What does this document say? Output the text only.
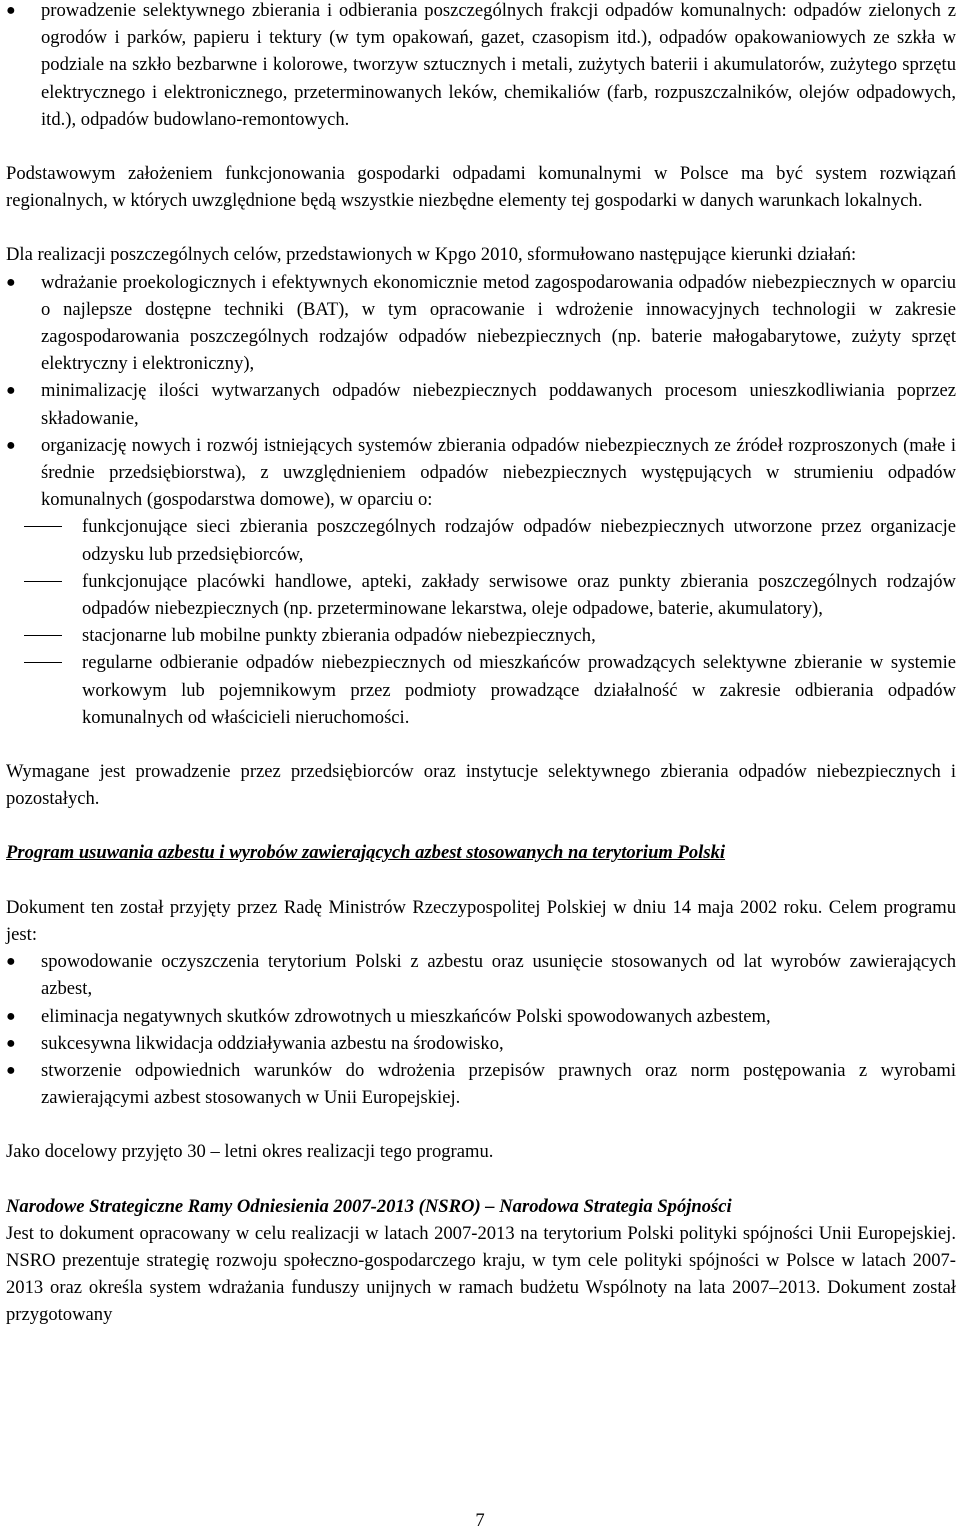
●	prowadzenie selektywnego zbierania i odbierania poszczególnych frakcji odpadów komunalnych: odpadów zielonych z ogrodów i parków, papieru i tektury (w tym opakowań, gazet, czasopism itd.), odpadów opakowaniowych ze szkła w podziale na szkło bezbarwne i kolorowe, tworzyw sztucznych i metali, zużytych baterii i akumulatorów, zużytego sprzętu elektrycznego i elektronicznego, przeterminowanych leków, chemikaliów (farb, rozpuszczalników, olejów odpadowych, itd.), odpadów budowlano-remontowych.

Podstawowym założeniem funkcjonowania gospodarki odpadami komunalnymi w Polsce ma być system rozwiązań regionalnych, w których uwzględnione będą wszystkie niezbędne elementy tej gospodarki w danych warunkach lokalnych.

Dla realizacji poszczególnych celów, przedstawionych w Kpgo 2010, sformułowano następujące kierunki działań:

●	wdrażanie proekologicznych i efektywnych ekonomicznie metod zagospodarowania odpadów niebezpiecznych w oparciu o najlepsze dostępne techniki (BAT), w tym opracowanie i wdrożenie innowacyjnych technologii w zakresie zagospodarowania poszczególnych rodzajów odpadów niebezpiecznych (np. baterie małogabarytowe, zużyty sprzęt elektryczny i elektroniczny),
●	minimalizację ilości wytwarzanych odpadów niebezpiecznych poddawanych procesom unieszkodliwiania poprzez składowanie,
●	organizację nowych i rozwój istniejących systemów zbierania odpadów niebezpiecznych ze źródeł rozproszonych (małe i średnie przedsiębiorstwa), z uwzględnieniem odpadów niebezpiecznych występujących w strumieniu odpadów komunalnych (gospodarstwa domowe), w oparciu o:
funkcjonujące sieci zbierania poszczególnych rodzajów odpadów niebezpiecznych utworzone przez organizacje odzysku lub przedsiębiorców,
funkcjonujące placówki handlowe, apteki, zakłady serwisowe oraz punkty zbierania poszczególnych rodzajów odpadów niebezpiecznych (np. przeterminowane lekarstwa, oleje odpadowe, baterie, akumulatory),
stacjonarne lub mobilne punkty zbierania odpadów niebezpiecznych,
regularne odbieranie odpadów niebezpiecznych od mieszkańców prowadzących selektywne zbieranie w systemie workowym lub pojemnikowym przez podmioty prowadzące działalność w zakresie odbierania odpadów komunalnych od właścicieli nieruchomości.

Wymagane jest prowadzenie przez przedsiębiorców oraz instytucje selektywnego zbierania odpadów niebezpiecznych i pozostałych.

Program usuwania azbestu i wyrobów zawierających azbest stosowanych na terytorium Polski

Dokument ten został przyjęty przez Radę Ministrów Rzeczypospolitej Polskiej w dniu 14 maja 2002 roku. Celem programu jest:

●	spowodowanie oczyszczenia terytorium Polski z azbestu oraz usunięcie stosowanych od lat wyrobów zawierających azbest,
●	eliminacja negatywnych skutków zdrowotnych u mieszkańców Polski spowodowanych azbestem,
●	sukcesywna likwidacja oddziaływania azbestu na środowisko,
●	stworzenie odpowiednich warunków do wdrożenia przepisów prawnych oraz norm postępowania z wyrobami zawierającymi azbest stosowanych w Unii Europejskiej.

Jako docelowy przyjęto 30 – letni okres realizacji tego programu.

Narodowe Strategiczne Ramy Odniesienia 2007-2013 (NSRO) – Narodowa Strategia Spójności

Jest to dokument opracowany w celu realizacji w latach 2007-2013 na terytorium Polski polityki spójności Unii Europejskiej. NSRO prezentuje strategię rozwoju społeczno-gospodarczego kraju, w tym cele polityki spójności w Polsce w latach 2007-2013 oraz określa system wdrażania funduszy unijnych w ramach budżetu Wspólnoty na lata 2007–2013. Dokument został przygotowany

7
